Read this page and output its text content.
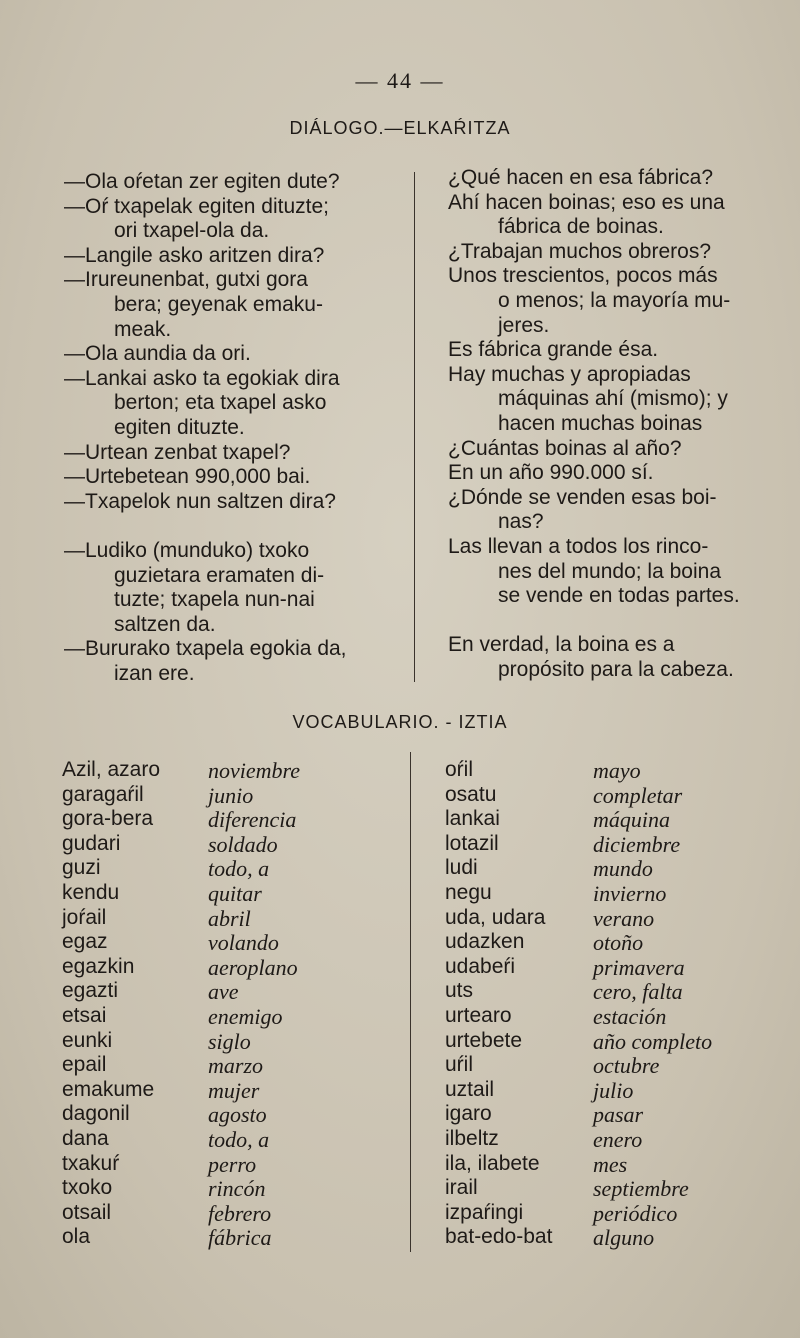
— 44 —
DIÁLOGO.—ELKAŔITZA
—Ola oŕetan zer egiten dute?
—Oŕ txapelak egiten dituzte;
ori txapel-ola da.
—Langile asko aritzen dira?
—Irureunenbat, gutxi gora
bera; geyenak emaku-
meak.
—Ola aundia da ori.
—Lankai asko ta egokiak dira
berton; eta txapel asko
egiten dituzte.
—Urtean zenbat txapel?
—Urtebetean 990,000 bai.
—Txapelok nun saltzen dira?
—Ludiko (munduko) txoko
guzietara eramaten di-
tuzte; txapela nun-nai
saltzen da.
—Bururako txapela egokia da,
izan ere.
¿Qué hacen en esa fábrica?
Ahí hacen boinas; eso es una
fábrica de boinas.
¿Trabajan muchos obreros?
Unos trescientos, pocos más
o menos; la mayoría mu-
jeres.
Es fábrica grande ésa.
Hay muchas y apropiadas
máquinas ahí (mismo); y
hacen muchas boinas
¿Cuántas boinas al año?
En un año 990.000 sí.
¿Dónde se venden esas boi-
nas?
Las llevan a todos los rinco-
nes del mundo; la boina
se vende en todas partes.
En verdad, la boina es a
propósito para la cabeza.
VOCABULARIO. - IZTIA
Azil, azaro noviembre
garagaŕil	junio
gora-bera diferencia
gudari	soldado
guzi	todo, a
kendu	quitar
joŕail	abril
egaz	volando
egazkin	aeroplano
egazti	ave
etsai	enemigo
eunki	siglo
epail	marzo
emakume mujer
dagonil	agosto
dana	todo, a
txakuŕ	perro
txoko	rincón
otsail	febrero
ola	fábrica
oŕil	mayo
osatu	completar
lankai	máquina
lotazil	diciembre
ludi	mundo
negu	invierno
uda, udara verano
udazken	otoño
udabeŕi	primavera
uts	cero, falta
urtearo	estación
urtebete	año completo
uŕil	octubre
uztail	julio
igaro	pasar
ilbeltz	enero
ila, ilabete mes
irail	septiembre
izpaŕingi	periódico
bat-edo-bat alguno
